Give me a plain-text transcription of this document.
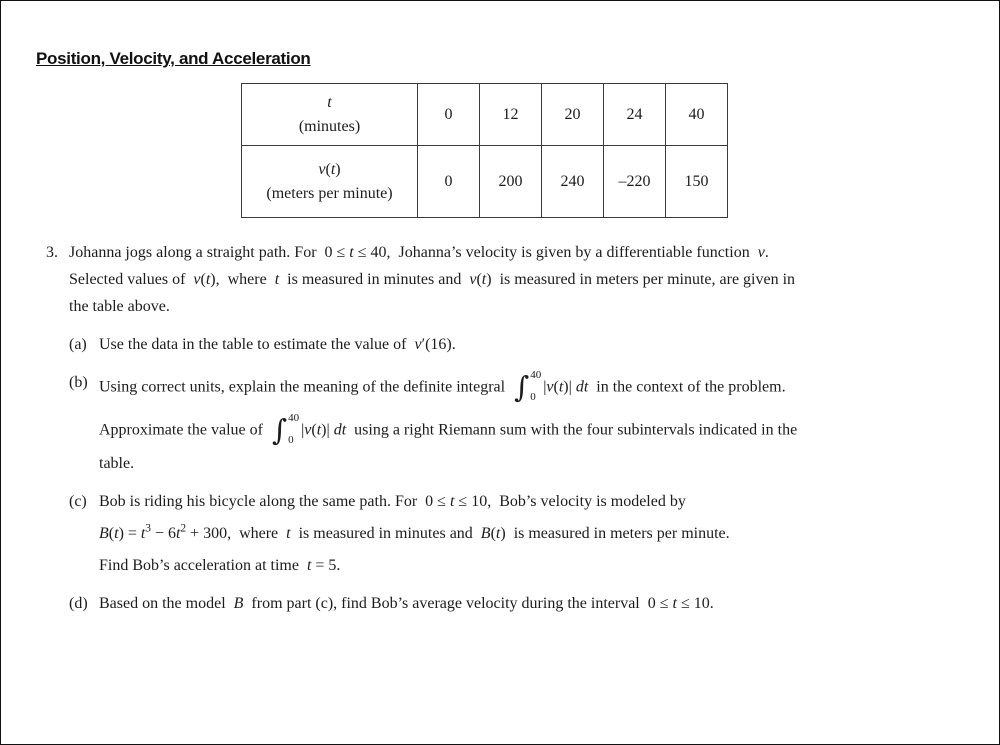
Position, Velocity, and Acceleration
t
(minutes)	0	12	20	24	40

v(t)
(meters per minute)	0	200	240	–220	150
3. Johanna jogs along a straight path. For  0 ≤ t ≤ 40,  Johanna’s velocity is given by a differentiable function  v.
Selected values of  v(t),  where  t  is measured in minutes and  v(t)  is measured in meters per minute, are given in
the table above.
(a) Use the data in the table to estimate the value of  v′(16).
(b) Using correct units, explain the meaning of the definite integral ∫ 40
0
|v(t)| dt  in the context of the problem.
Approximate the value of ∫ 40
0
|v(t)| dt  using a right Riemann sum with the four subintervals indicated in the
table.
(c) Bob is riding his bicycle along the same path. For  0 ≤ t ≤ 10,  Bob’s velocity is modeled by
$B(t) = t^3 - 6t^2 + 300$,  where  t  is measured in minutes and  B(t)  is measured in meters per minute.
Find Bob’s acceleration at time  t = 5.
(d) Based on the model  B  from part (c), find Bob’s average velocity during the interval  0 ≤ t ≤ 10.
